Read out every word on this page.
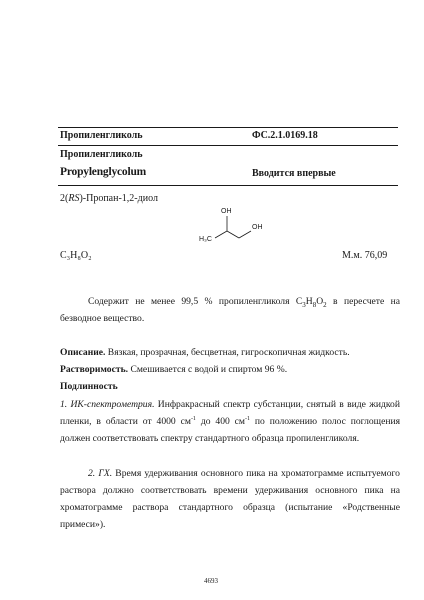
Пропиленгликоль	ФС.2.1.0169.18
Пропиленгликоль
Propylenglycolum	Вводится впервые
2(RS)-Пропан-1,2-диол
OH
OH
H₃C
C₃H₈O₂	М.м. 76,09
Содержит не менее 99,5 % пропиленгликоля $C_3H_8O_2$ в пересчете на безводное вещество.
Описание. Вязкая, прозрачная, бесцветная, гигроскопичная жидкость.
Растворимость. Смешивается с водой и спиртом 96 %.
Подлинность
1. ИК-спектрометрия. Инфракрасный спектр субстанции, снятый в виде жидкой пленки, в области от 4000 $см^{-1}$ до 400 $см^{-1}$ по положению полос поглощения должен соответствовать спектру стандартного образца пропиленгликоля.
2. ГХ. Время удерживания основного пика на хроматограмме испытуемого раствора должно соответствовать времени удерживания основного пика на хроматограмме раствора стандартного образца (испытание «Родственные примеси»).
4693
